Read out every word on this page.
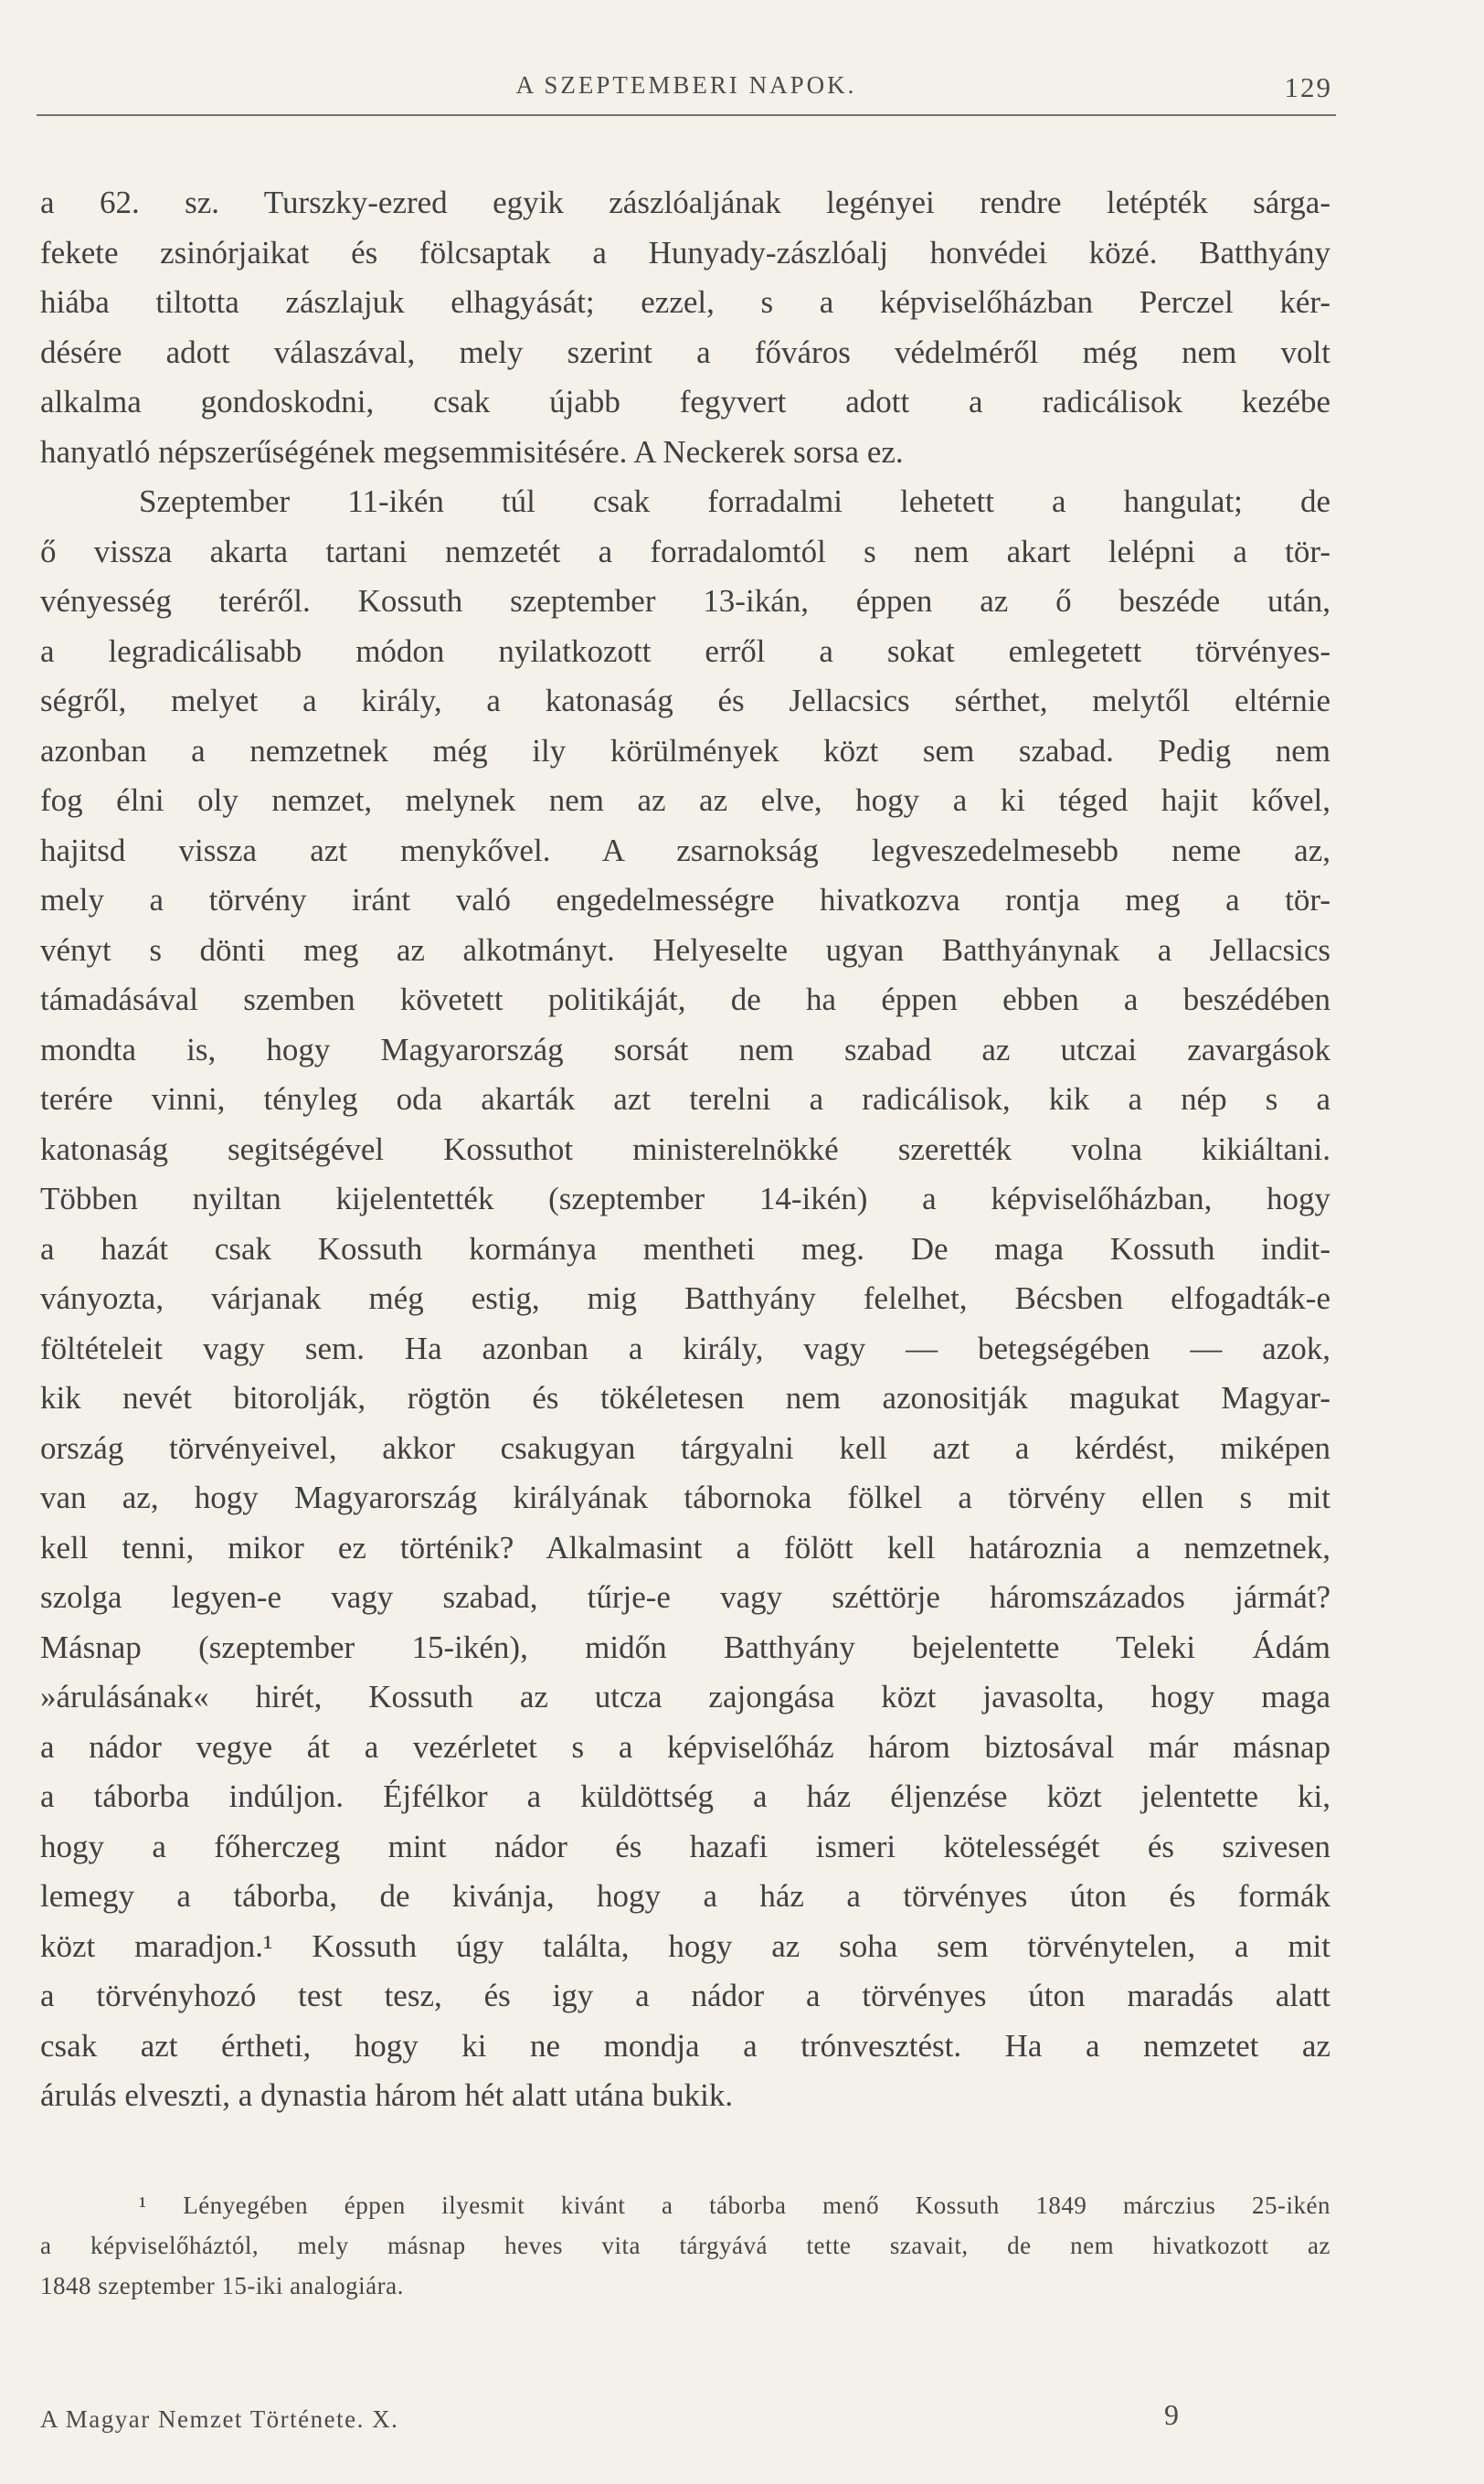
A SZEPTEMBERI NAPOK.	129
a 62. sz. Turszky-ezred egyik zászlóaljának legényei rendre letépték sárga-
fekete zsinórjaikat és fölcsaptak a Hunyady-zászlóalj honvédei közé. Batthyány
hiába tiltotta zászlajuk elhagyását; ezzel, s a képviselőházban Perczel kér-
désére adott válaszával, mely szerint a főváros védelméről még nem volt
alkalma gondoskodni, csak újabb fegyvert adott a radicálisok kezébe
hanyatló népszerűségének megsemmisitésére. A Neckerek sorsa ez.
Szeptember 11-ikén túl csak forradalmi lehetett a hangulat; de
ő vissza akarta tartani nemzetét a forradalomtól s nem akart lelépni a tör-
vényesség teréről. Kossuth szeptember 13-ikán, éppen az ő beszéde után,
a legradicálisabb módon nyilatkozott erről a sokat emlegetett törvényes-
ségről, melyet a király, a katonaság és Jellacsics sérthet, melytől eltérnie
azonban a nemzetnek még ily körülmények közt sem szabad. Pedig nem
fog élni oly nemzet, melynek nem az az elve, hogy a ki téged hajit kővel,
hajitsd vissza azt menykővel. A zsarnokság legveszedelmesebb neme az,
mely a törvény iránt való engedelmességre hivatkozva rontja meg a tör-
vényt s dönti meg az alkotmányt. Helyeselte ugyan Batthyánynak a Jellacsics
támadásával szemben követett politikáját, de ha éppen ebben a beszédében
mondta is, hogy Magyarország sorsát nem szabad az utczai zavargások
terére vinni, tényleg oda akarták azt terelni a radicálisok, kik a nép s a
katonaság segitségével Kossuthot ministerelnökké szerették volna kikiáltani.
Többen nyiltan kijelentették (szeptember 14-ikén) a képviselőházban, hogy
a hazát csak Kossuth kormánya mentheti meg. De maga Kossuth indit-
ványozta, várjanak még estig, mig Batthyány felelhet, Bécsben elfogadták-e
föltételeit vagy sem. Ha azonban a király, vagy — betegségében — azok,
kik nevét bitorolják, rögtön és tökéletesen nem azonositják magukat Magyar-
ország törvényeivel, akkor csakugyan tárgyalni kell azt a kérdést, miképen
van az, hogy Magyarország királyának tábornoka fölkel a törvény ellen s mit
kell tenni, mikor ez történik? Alkalmasint a fölött kell határoznia a nemzetnek,
szolga legyen-e vagy szabad, tűrje-e vagy széttörje háromszázados jármát?
Másnap (szeptember 15-ikén), midőn Batthyány bejelentette Teleki Ádám
»árulásának« hirét, Kossuth az utcza zajongása közt javasolta, hogy maga
a nádor vegye át a vezérletet s a képviselőház három biztosával már másnap
a táborba indúljon. Éjfélkor a küldöttség a ház éljenzése közt jelentette ki,
hogy a főherczeg mint nádor és hazafi ismeri kötelességét és szivesen
lemegy a táborba, de kivánja, hogy a ház a törvényes úton és formák
közt maradjon.¹ Kossuth úgy találta, hogy az soha sem törvénytelen, a mit
a törvényhozó test tesz, és igy a nádor a törvényes úton maradás alatt
csak azt értheti, hogy ki ne mondja a trónvesztést. Ha a nemzetet az
árulás elveszti, a dynastia három hét alatt utána bukik.
¹ Lényegében éppen ilyesmit kivánt a táborba menő Kossuth 1849 márczius 25-ikén
a képviselőháztól, mely másnap heves vita tárgyává tette szavait, de nem hivatkozott az
1848 szeptember 15-iki analogiára.
A Magyar Nemzet Története. X.	9
